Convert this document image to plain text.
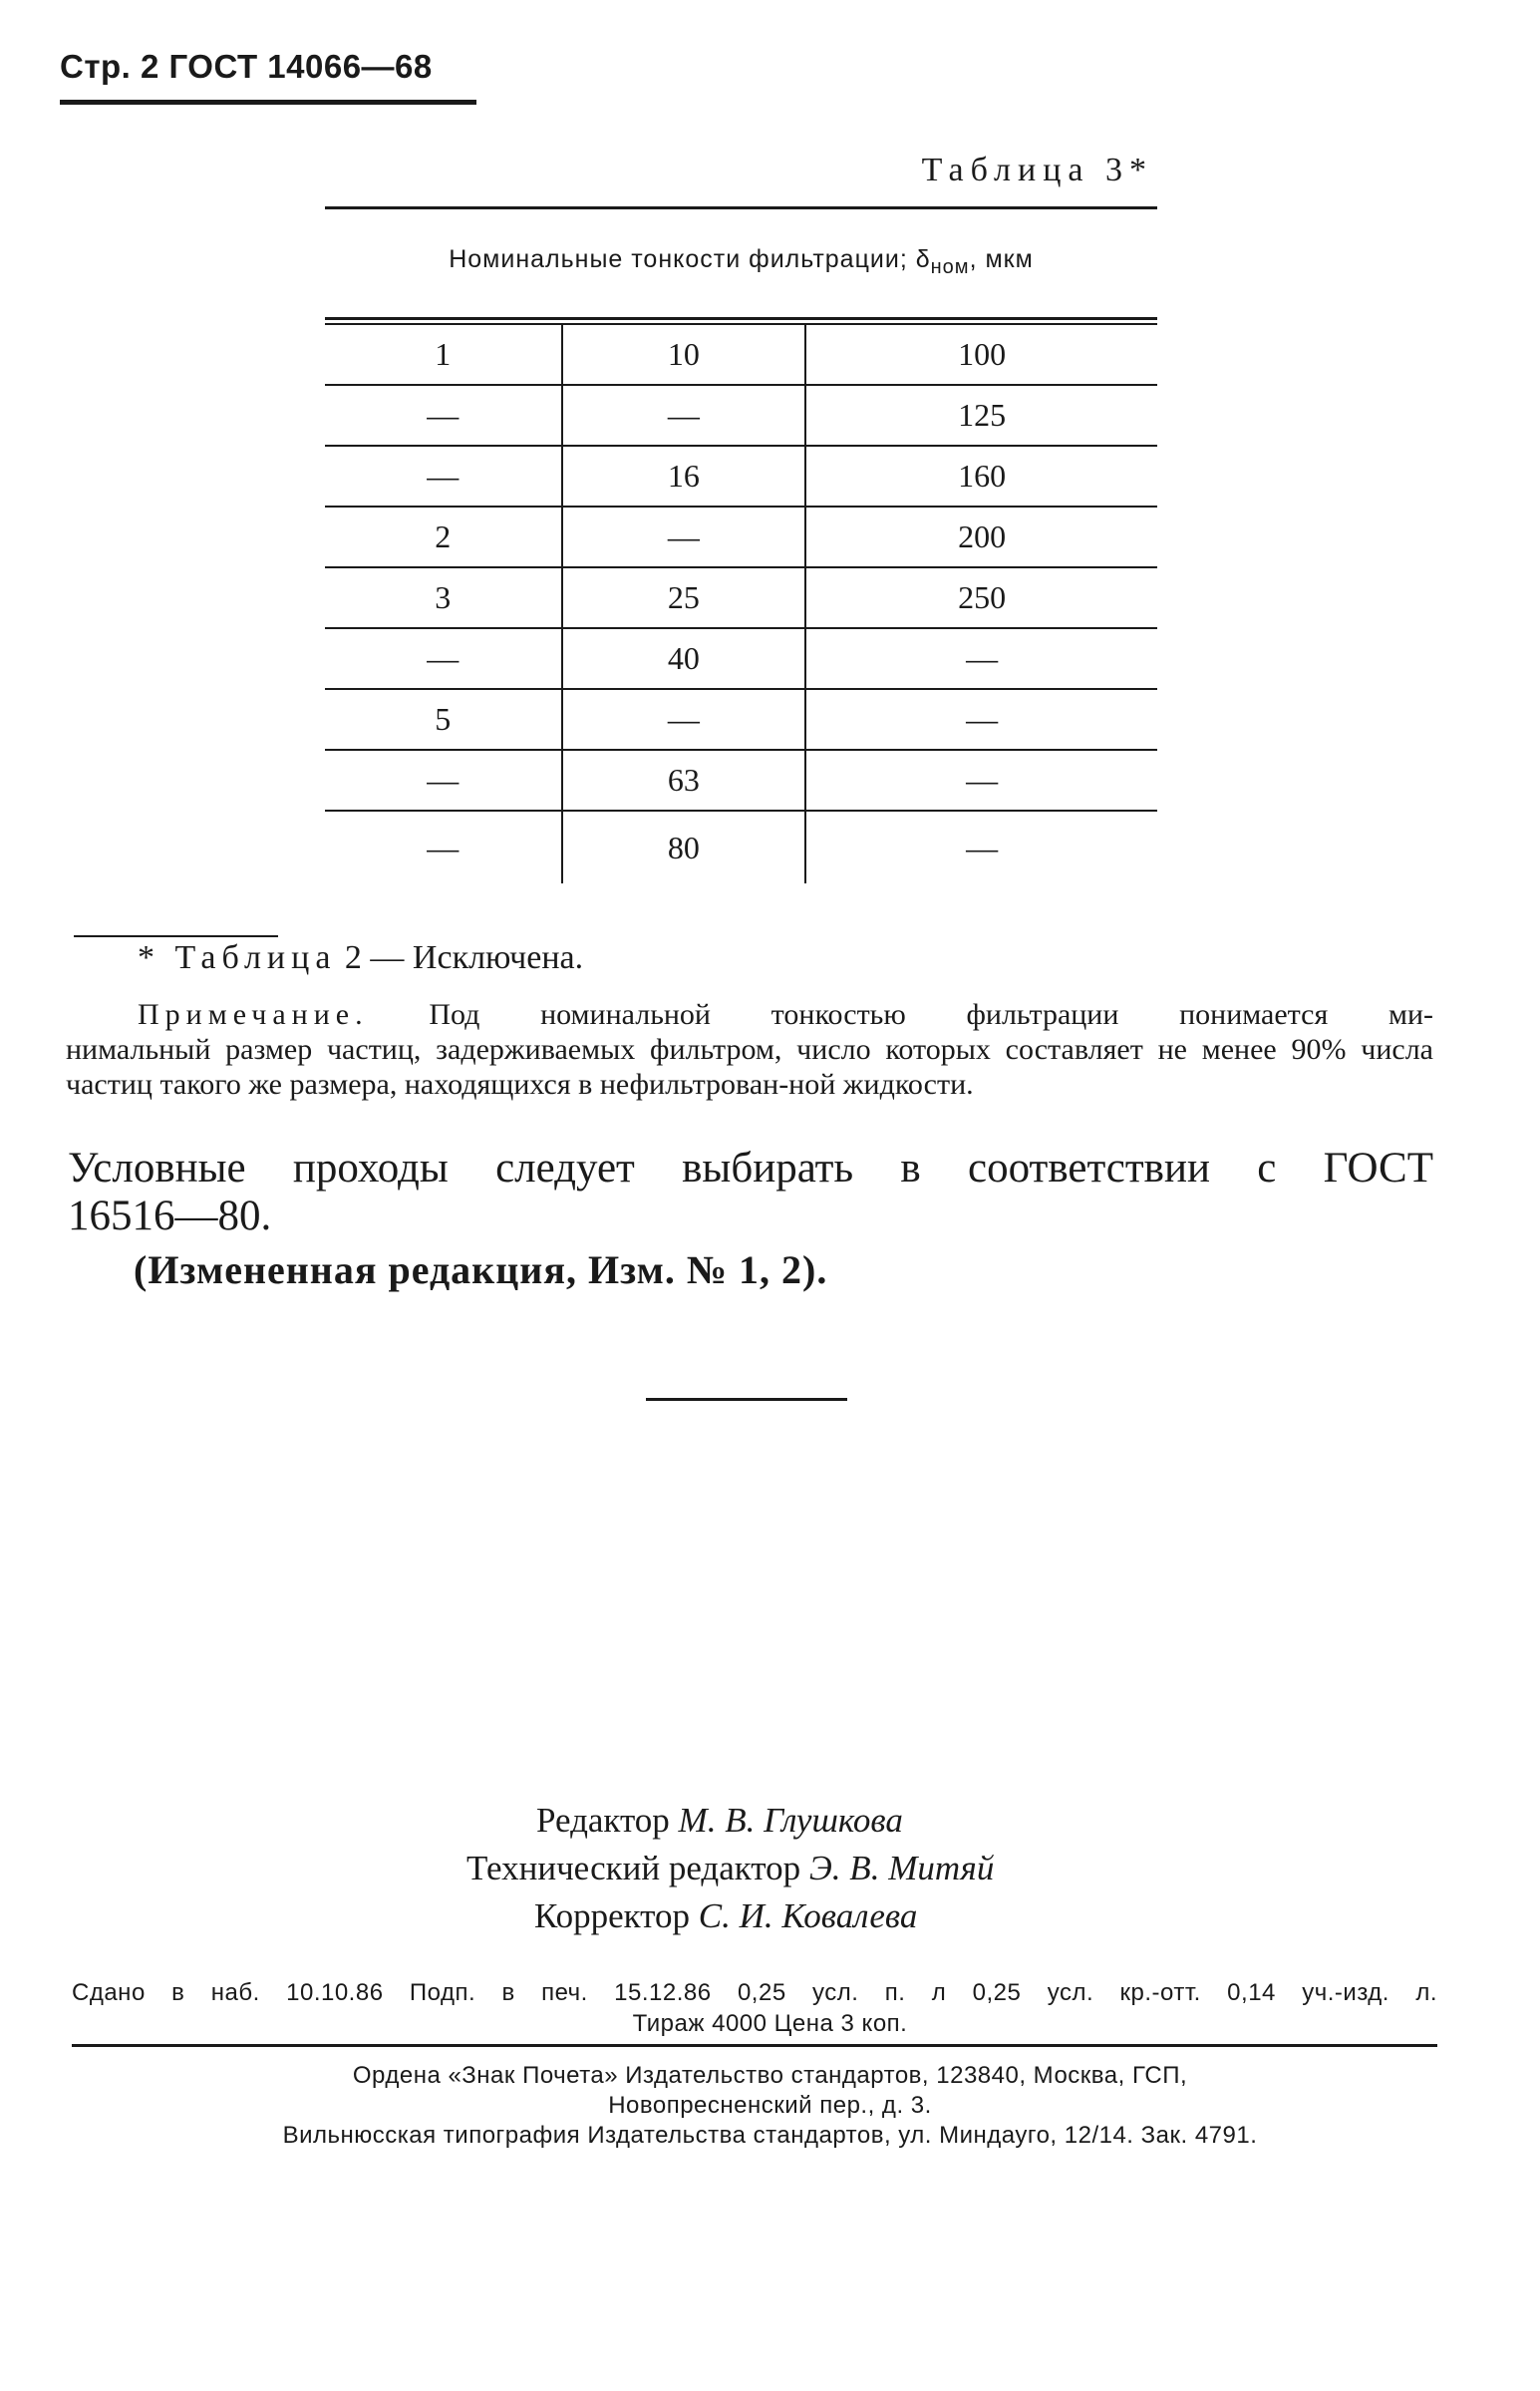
Стр. 2 ГОСТ 14066—68
Таблица 3*
Номинальные тонкости фильтрации; $\delta_{ном}$, мкм
1	10	100
—	—	125
—	16	160
2	—	200
3	25	250
—	40	—
5	—	—
—	63	—
—	80	—
* Таблица 2 — Исключена.
Примечание. Под номинальной тонкостью фильтрации понимается ми-
нимальный размер частиц, задерживаемых фильтром, число которых составляет не менее 90% числа частиц такого же размера, находящихся в нефильтрован-ной жидкости.
Условные проходы следует выбирать в соответствии с ГОСТ
16516—80.
(Измененная редакция, Изм. № 1, 2).
Редактор М. В. Глушкова
Технический редактор Э. В. Митяй
Корректор С. И. Ковалева
Сдано в наб. 10.10.86 Подп. в печ. 15.12.86 0,25 усл. п. л 0,25 усл. кр.-отт. 0,14 уч.-изд. л.
Тираж 4000 Цена 3 коп.
Ордена «Знак Почета» Издательство стандартов, 123840, Москва, ГСП,
Новопресненский пер., д. 3.
Вильнюсская типография Издательства стандартов, ул. Миндауго, 12/14. Зак. 4791.
